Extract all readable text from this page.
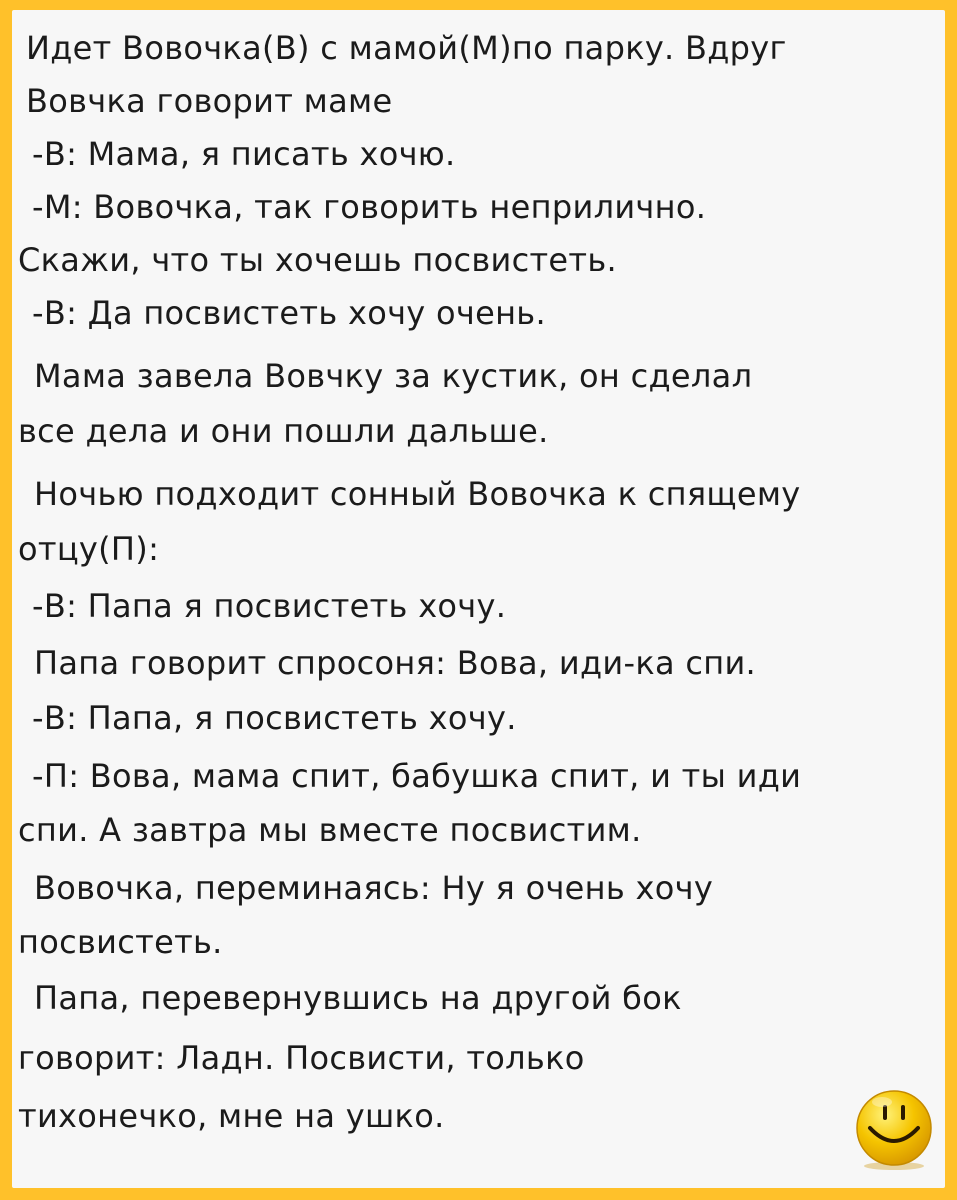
Идет Вовочка(В) с мамой(М)по парку. Вдруг
Вовчка говорит маме
-В: Мама, я писать хочю.
-М: Вовочка, так говорить неприлично.
Скажи, что ты хочешь посвистеть.
-В: Да посвистеть хочу очень.
Мама завела Вовчку за кустик, он сделал
все дела и они пошли дальше.
Ночью подходит сонный Вовочка к спящему
отцу(П):
-В: Папа я посвистеть хочу.
Папа говорит спросоня: Вова, иди-ка спи.
-В: Папа, я посвистеть хочу.
-П: Вова, мама спит, бабушка спит, и ты иди
спи. А завтра мы вместе посвистим.
Вовочка, переминаясь: Ну я очень хочу
посвистеть.
Папа, перевернувшись на другой бок
говорит: Ладн. Посвисти, только
тихонечко, мне на ушко.
